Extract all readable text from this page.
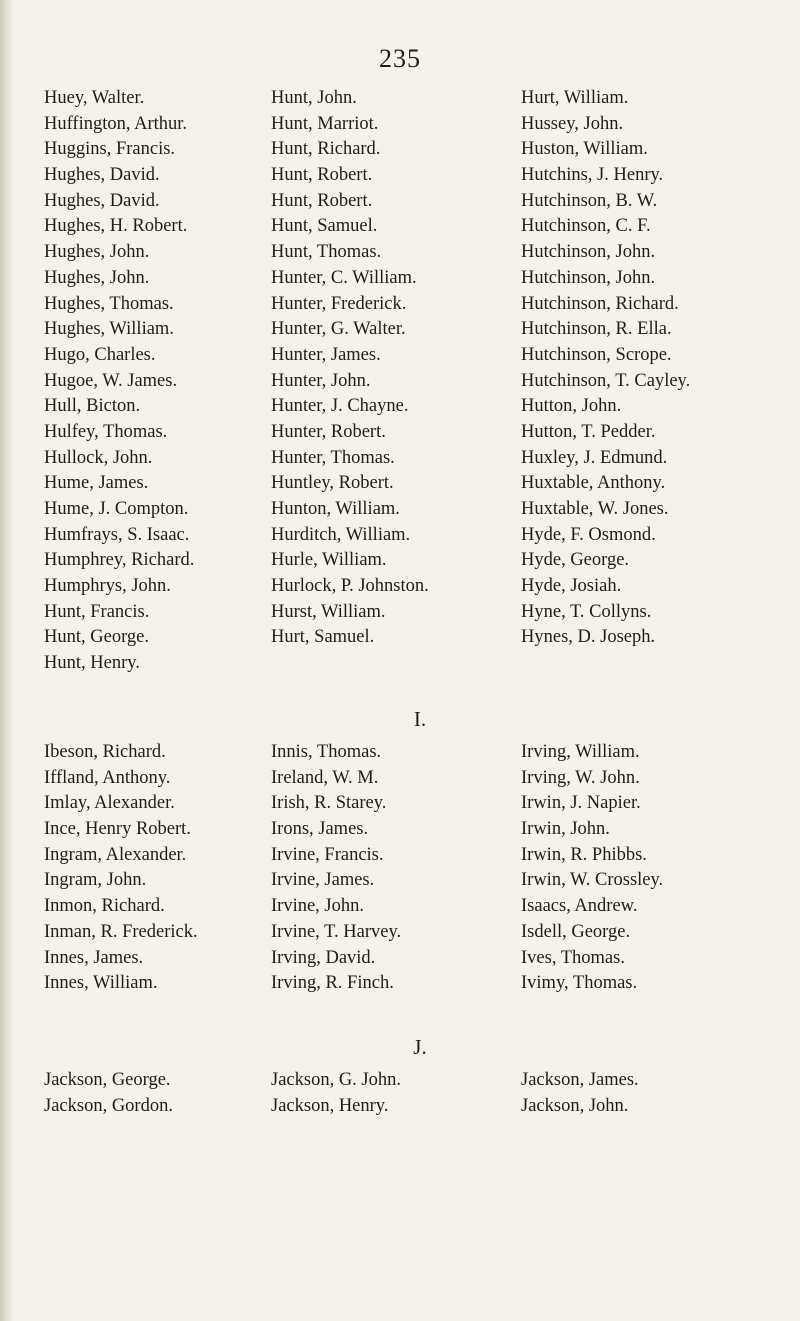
235
Huey, Walter.
Huffington, Arthur.
Huggins, Francis.
Hughes, David.
Hughes, David.
Hughes, H. Robert.
Hughes, John.
Hughes, John.
Hughes, Thomas.
Hughes, William.
Hugo, Charles.
Hugoe, W. James.
Hull, Bicton.
Hulfey, Thomas.
Hullock, John.
Hume, James.
Hume, J. Compton.
Humfrays, S. Isaac.
Humphrey, Richard.
Humphrys, John.
Hunt, Francis.
Hunt, George.
Hunt, Henry.
Hunt, John.
Hunt, Marriot.
Hunt, Richard.
Hunt, Robert.
Hunt, Robert.
Hunt, Samuel.
Hunt, Thomas.
Hunter, C. William.
Hunter, Frederick.
Hunter, G. Walter.
Hunter, James.
Hunter, John.
Hunter, J. Chayne.
Hunter, Robert.
Hunter, Thomas.
Huntley, Robert.
Hunton, William.
Hurditch, William.
Hurle, William.
Hurlock, P. Johnston.
Hurst, William.
Hurt, Samuel.
Hurt, William.
Hussey, John.
Huston, William.
Hutchins, J. Henry.
Hutchinson, B. W.
Hutchinson, C. F.
Hutchinson, John.
Hutchinson, John.
Hutchinson, Richard.
Hutchinson, R. Ella.
Hutchinson, Scrope.
Hutchinson, T. Cayley.
Hutton, John.
Hutton, T. Pedder.
Huxley, J. Edmund.
Huxtable, Anthony.
Huxtable, W. Jones.
Hyde, F. Osmond.
Hyde, George.
Hyde, Josiah.
Hyne, T. Collyns.
Hynes, D. Joseph.
I.
Ibeson, Richard.
Iffland, Anthony.
Imlay, Alexander.
Ince, Henry Robert.
Ingram, Alexander.
Ingram, John.
Inmon, Richard.
Inman, R. Frederick.
Innes, James.
Innes, William.
Innis, Thomas.
Ireland, W. M.
Irish, R. Starey.
Irons, James.
Irvine, Francis.
Irvine, James.
Irvine, John.
Irvine, T. Harvey.
Irving, David.
Irving, R. Finch.
Irving, William.
Irving, W. John.
Irwin, J. Napier.
Irwin, John.
Irwin, R. Phibbs.
Irwin, W. Crossley.
Isaacs, Andrew.
Isdell, George.
Ives, Thomas.
Ivimy, Thomas.
J.
Jackson, George.
Jackson, Gordon.
Jackson, G. John.
Jackson, Henry.
Jackson, James.
Jackson, John.
